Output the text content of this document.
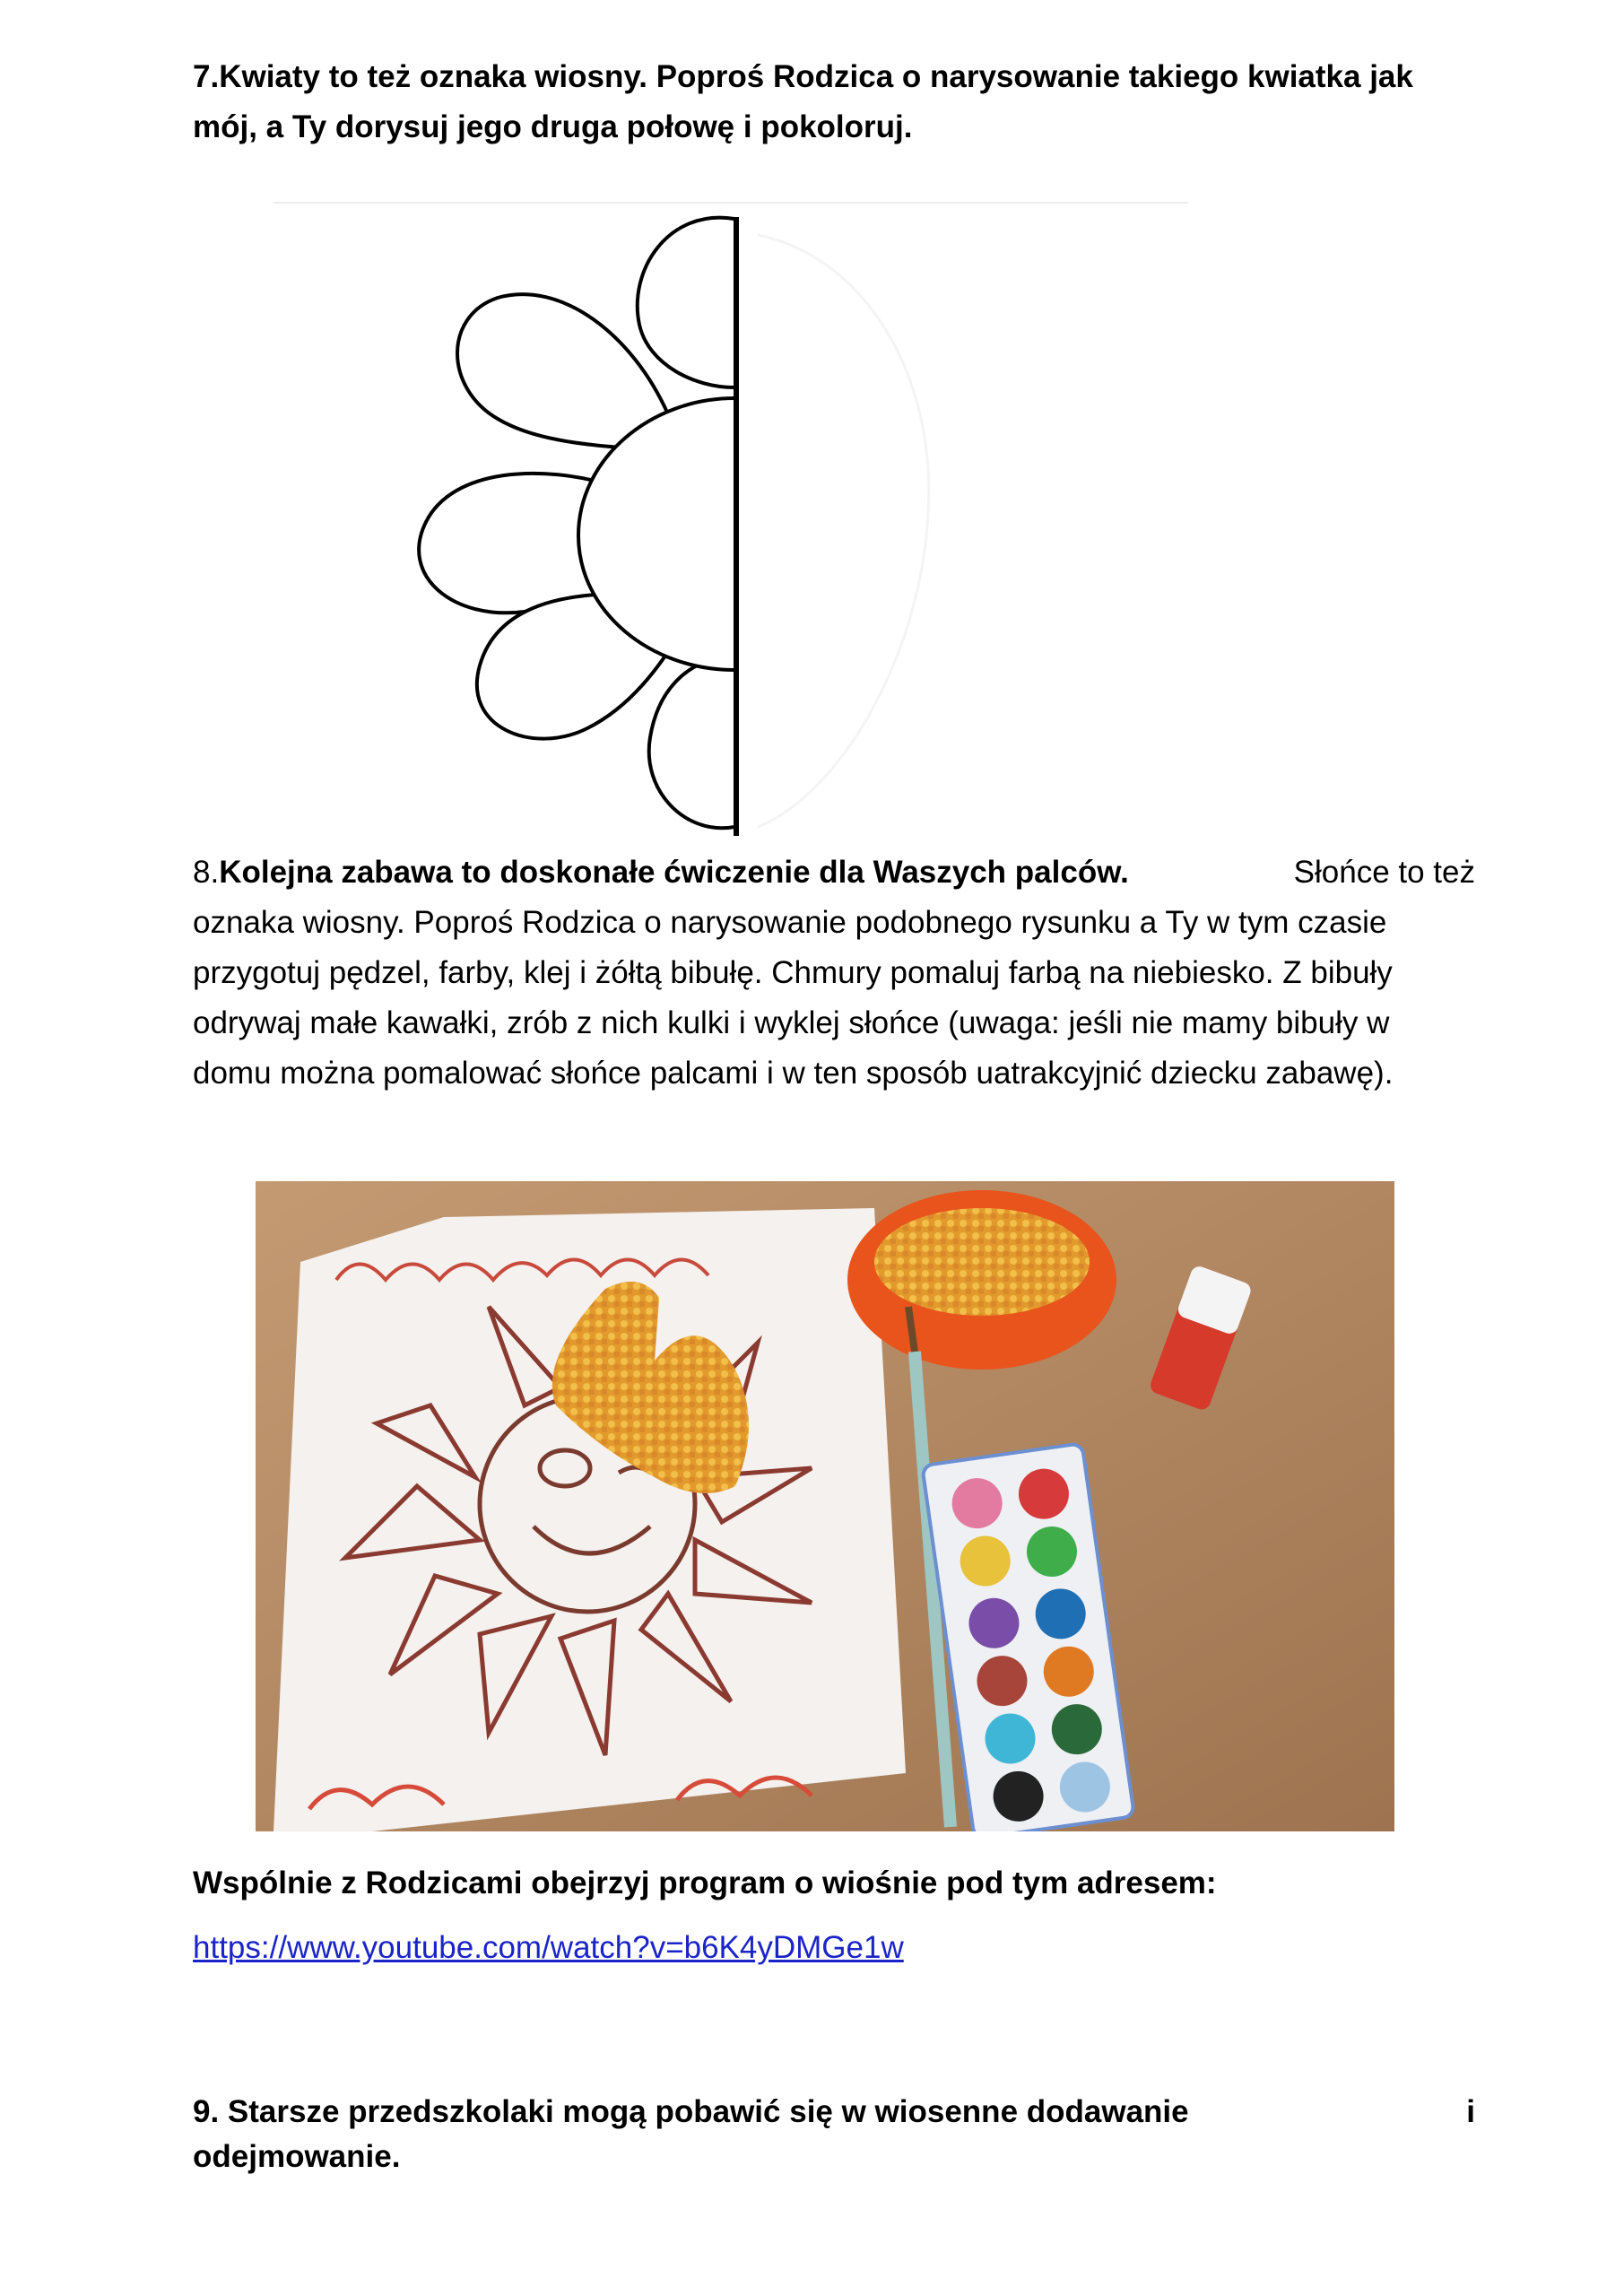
7.Kwiaty to też oznaka wiosny. Poproś Rodzica o narysowanie takiego kwiatka jak
mój, a Ty dorysuj jego druga połowę i pokoloruj.
8.Kolejna zabawa to doskonałe ćwiczenie dla Waszych palców.	Słońce to też
oznaka wiosny. Poproś Rodzica o narysowanie podobnego rysunku a Ty w tym czasie
przygotuj pędzel, farby, klej i żółtą bibułę. Chmury pomaluj farbą na niebiesko. Z bibuły
odrywaj małe kawałki, zrób z nich kulki i wyklej słońce (uwaga: jeśli nie mamy bibuły w
domu można pomalować słońce palcami i w ten sposób uatrakcyjnić dziecku zabawę).
Wspólnie z Rodzicami obejrzyj program o wiośnie pod tym adresem:
https://www.youtube.com/watch?v=b6K4yDMGe1w
9. Starsze przedszkolaki mogą pobawić się w wiosenne dodawanie	i
odejmowanie.
